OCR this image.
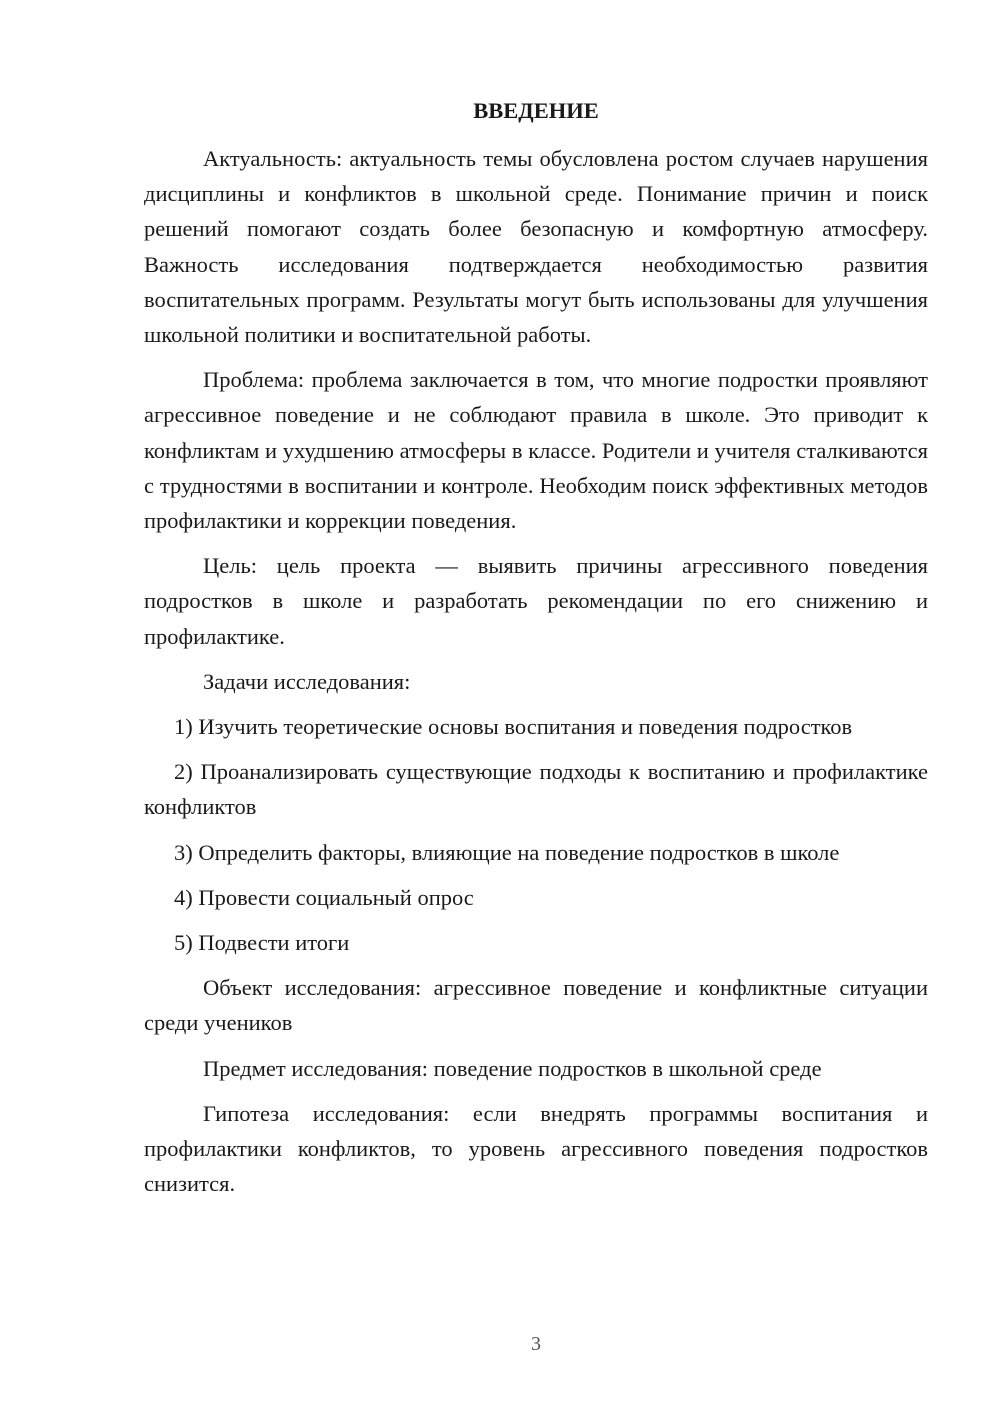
ВВЕДЕНИЕ

Актуальность: актуальность темы обусловлена ростом случаев нарушения дисциплины и конфликтов в школьной среде. Понимание причин и поиск решений помогают создать более безопасную и комфортную атмосферу. Важность исследования подтверждается необходимостью развития воспитательных программ. Результаты могут быть использованы для улучшения школьной политики и воспитательной работы.

Проблема: проблема заключается в том, что многие подростки проявляют агрессивное поведение и не соблюдают правила в школе. Это приводит к конфликтам и ухудшению атмосферы в классе. Родители и учителя сталкиваются с трудностями в воспитании и контроле. Необходим поиск эффективных методов профилактики и коррекции поведения.

Цель: цель проекта — выявить причины агрессивного поведения подростков в школе и разработать рекомендации по его снижению и профилактике.

Задачи исследования:

1) Изучить теоретические основы воспитания и поведения подростков

2) Проанализировать существующие подходы к воспитанию и профилактике конфликтов

3) Определить факторы, влияющие на поведение подростков в школе

4) Провести социальный опрос

5) Подвести итоги

Объект исследования: агрессивное поведение и конфликтные ситуации среди учеников

Предмет исследования: поведение подростков в школьной среде

Гипотеза исследования: если внедрять программы воспитания и профилактики конфликтов, то уровень агрессивного поведения подростков снизится.

3
